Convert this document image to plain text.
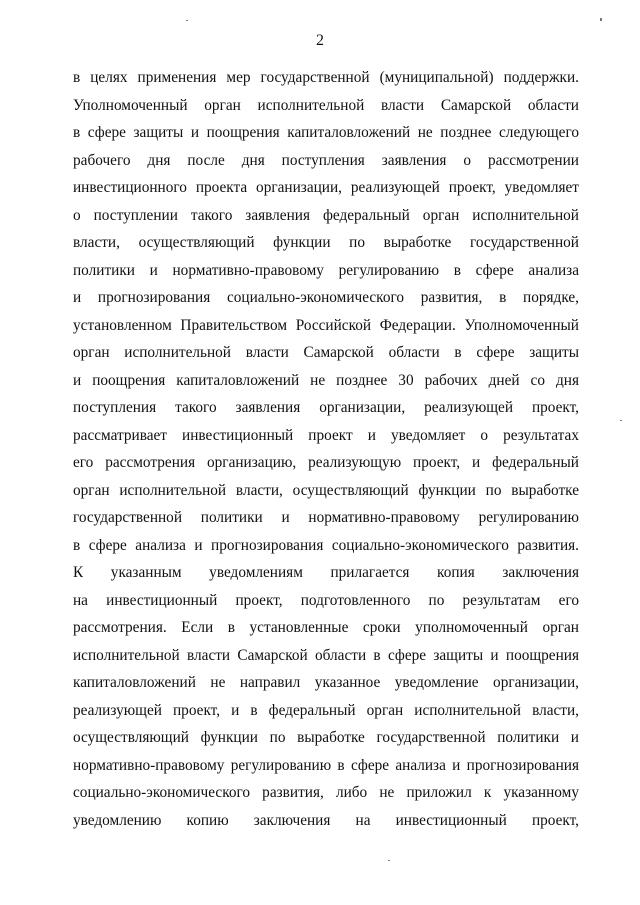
2
в целях применения мер государственной (муниципальной) поддержки.
Уполномоченный орган исполнительной власти Самарской области
в сфере защиты и поощрения капиталовложений не позднее следующего
рабочего дня после дня поступления заявления о рассмотрении
инвестиционного проекта организации, реализующей проект, уведомляет
о поступлении такого заявления федеральный орган исполнительной
власти, осуществляющий функции по выработке государственной
политики и нормативно-правовому регулированию в сфере анализа
и прогнозирования социально-экономического развития, в порядке,
установленном Правительством Российской Федерации. Уполномоченный
орган исполнительной власти Самарской области в сфере защиты
и поощрения капиталовложений не позднее 30 рабочих дней со дня
поступления такого заявления организации, реализующей проект,
рассматривает инвестиционный проект и уведомляет о результатах
его рассмотрения организацию, реализующую проект, и федеральный
орган исполнительной власти, осуществляющий функции по выработке
государственной политики и нормативно-правовому регулированию
в сфере анализа и прогнозирования социально-экономического развития.
К указанным уведомлениям прилагается копия заключения
на инвестиционный проект, подготовленного по результатам его
рассмотрения. Если в установленные сроки уполномоченный орган
исполнительной власти Самарской области в сфере защиты и поощрения
капиталовложений не направил указанное уведомление организации,
реализующей проект, и в федеральный орган исполнительной власти,
осуществляющий функции по выработке государственной политики и
нормативно-правовому регулированию в сфере анализа и прогнозирования
социально-экономического развития, либо не приложил к указанному
уведомлению копию заключения на инвестиционный проект,
